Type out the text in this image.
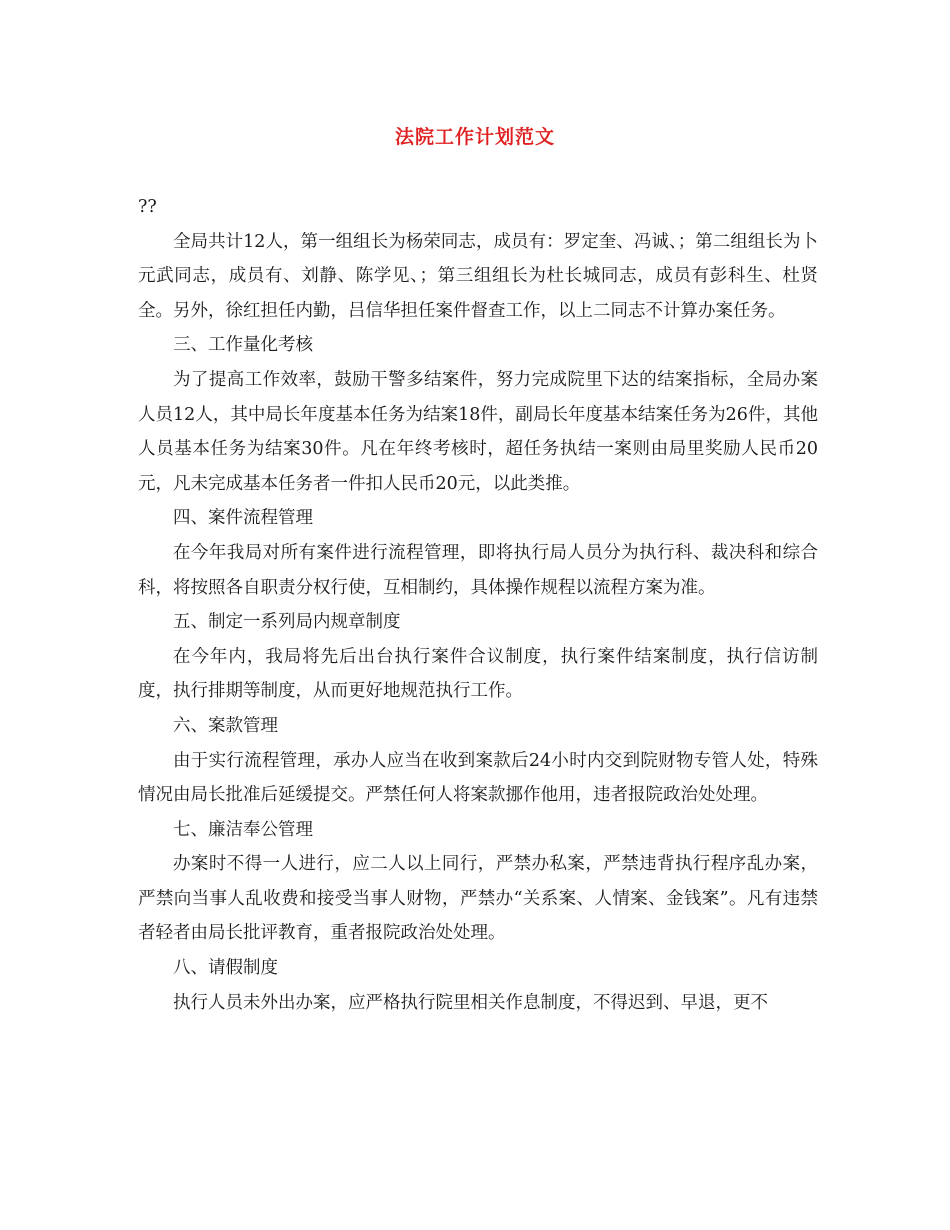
法院工作计划范文
??
全局共计12人，第一组组长为杨荣同志，成员有：罗定奎、冯诚、；第二组组长为卜元武同志，成员有、刘静、陈学见、；第三组组长为杜长城同志，成员有彭科生、杜贤全。另外，徐红担任内勤，吕信华担任案件督查工作，以上二同志不计算办案任务。
三、工作量化考核
为了提高工作效率，鼓励干警多结案件，努力完成院里下达的结案指标，全局办案人员12人，其中局长年度基本任务为结案18件，副局长年度基本结案任务为26件，其他人员基本任务为结案30件。凡在年终考核时，超任务执结一案则由局里奖励人民币20元，凡未完成基本任务者一件扣人民币20元，以此类推。
四、案件流程管理
在今年我局对所有案件进行流程管理，即将执行局人员分为执行科、裁决科和综合科，将按照各自职责分权行使，互相制约，具体操作规程以流程方案为准。
五、制定一系列局内规章制度
在今年内，我局将先后出台执行案件合议制度，执行案件结案制度，执行信访制度，执行排期等制度，从而更好地规范执行工作。
六、案款管理
由于实行流程管理，承办人应当在收到案款后24小时内交到院财物专管人处，特殊情况由局长批准后延缓提交。严禁任何人将案款挪作他用，违者报院政治处处理。
七、廉洁奉公管理
办案时不得一人进行，应二人以上同行，严禁办私案，严禁违背执行程序乱办案，严禁向当事人乱收费和接受当事人财物，严禁办“关系案、人情案、金钱案”。凡有违禁者轻者由局长批评教育，重者报院政治处处理。
八、请假制度
执行人员未外出办案，应严格执行院里相关作息制度，不得迟到、早退，更不
